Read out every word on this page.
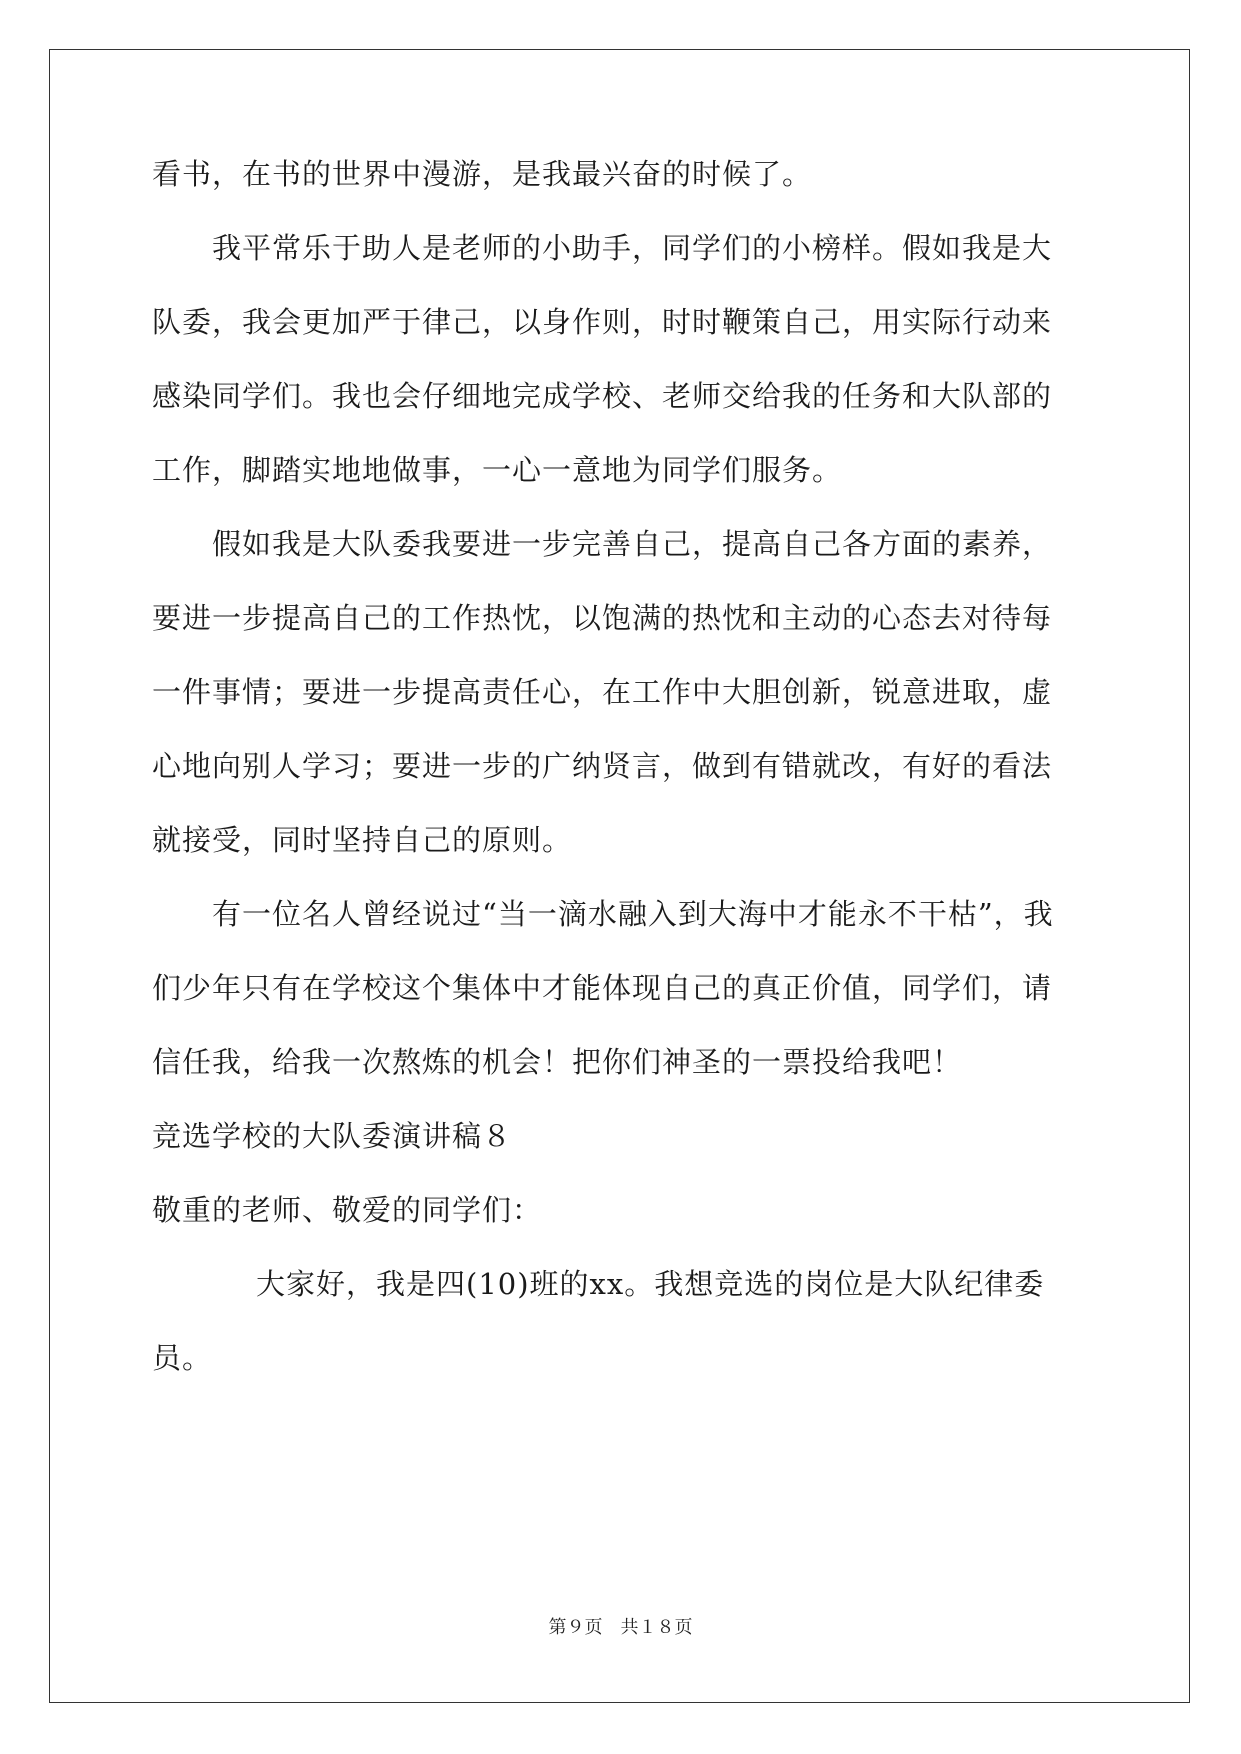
看书，在书的世界中漫游，是我最兴奋的时候了。
我平常乐于助人是老师的小助手，同学们的小榜样。假如我是大
队委，我会更加严于律己，以身作则，时时鞭策自己，用实际行动来
感染同学们。我也会仔细地完成学校、老师交给我的任务和大队部的
工作，脚踏实地地做事，一心一意地为同学们服务。
假如我是大队委我要进一步完善自己，提高自己各方面的素养，
要进一步提高自己的工作热忱，以饱满的热忱和主动的心态去对待每
一件事情；要进一步提高责任心，在工作中大胆创新，锐意进取，虚
心地向别人学习；要进一步的广纳贤言，做到有错就改，有好的看法
就接受，同时坚持自己的原则。
有一位名人曾经说过“当一滴水融入到大海中才能永不干枯”，我
们少年只有在学校这个集体中才能体现自己的真正价值，同学们，请
信任我，给我一次熬炼的机会！把你们神圣的一票投给我吧！
竞选学校的大队委演讲稿８
敬重的老师、敬爱的同学们：
大家好，我是四(10)班的xx。我想竞选的岗位是大队纪律委
员。
第９页　共１８页
